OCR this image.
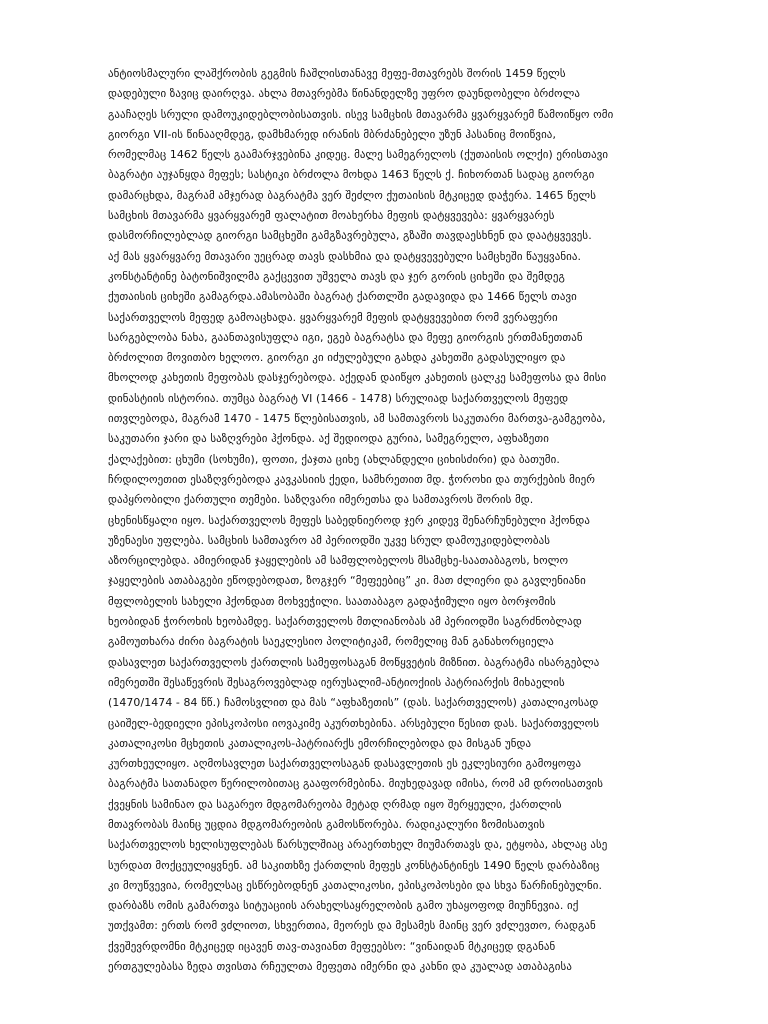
ანტიოსმალური ლაშქრობის გეგმის ჩაშლისთანავე მეფე-მთავრებს შორის 1459 წელს
დადებული ზავიც დაირღვა. ახლა მთავრებმა წინანდელზე უფრო დაუნდობელი ბრძოლა
გააჩაღეს სრული დამოუკიდებლობისათვის. ისევ სამცხის მთავარმა ყვარყვარემ წამოიწყო ომი
გიორგი VII-ის წინააღმდეგ, დამხმარედ ირანის მბრძანებელი უზუნ ჰასანიც მოიწვია,
რომელმაც 1462 წელს გაამარჯვებინა კიდეც. მალე სამეგრელოს (ქუთაისის ოლქი) ერისთავი
ბაგრატი აუჯანყდა მეფეს; სასტიკი ბრძოლა მოხდა 1463 წელს ქ. ჩიხორთან სადაც გიორგი
დამარცხდა, მაგრამ ამჯერად ბაგრატმა ვერ შეძლო ქუთაისის მტკიცედ დაჭერა. 1465 წელს
სამცხის მთავარმა ყვარყვარემ ფალატით მოახერხა მეფის დატყვევება: ყვარყვარეს
დასმორჩილებლად გიორგი სამცხეში გამგზავრებულა, გზაში თავდაესხნენ და დაატყვევეს.
აქ მას ყვარყვარე მთავარი უეცრად თავს დასხმია და დატყვევებული სამცხეში წაუყვანია.
კონსტანტინე ბატონიშვილმა გაქცევით უშველა თავს და ჯერ გორის ციხეში და შემდეგ
ქუთაისის ციხეში გამაგრდა.ამასობაში ბაგრატ ქართლში გადავიდა და 1466 წელს თავი
საქართველოს მეფედ გამოაცხადა. ყვარყვარემ მეფის დატყვევებით რომ ვერაფერი
სარგებლობა ნახა, გაანთავისუფლა იგი, ეგებ ბაგრატსა და მეფე გიორგის ერთმანეთთან
ბრძოლით მოვითბო ხელოო. გიორგი კი იძულებული გახდა კახეთში გადასულიყო და
მხოლოდ კახეთის მეფობას დასჯერებოდა. აქედან დაიწყო კახეთის ცალკე სამეფოსა და მისი
დინასტიის ისტორია. თუმცა ბაგრატ VI (1466 - 1478) სრულიად საქართველოს მეფედ
ითვლებოდა, მაგრამ 1470 - 1475 წლებისათვის, ამ სამთავროს საკუთარი მართვა-გამგეობა,
საკუთარი ჯარი და საზღვრები ჰქონდა. აქ შედიოდა გურია, სამეგრელო, აფხაზეთი
ქალაქებით: ცხუმი (სოხუმი), ფოთი, ქაჯთა ციხე (ახლანდელი ციხისძირი) და ბათუმი.
ჩრდილოეთით ესაზღვრებოდა კავკასიის ქედი, სამხრეთით მდ. ჭოროხი და თურქების მიერ
დაპყრობილი ქართული თემები. საზღვარი იმერეთსა და სამთავროს შორის მდ.
ცხენისწყალი იყო. საქართველოს მეფეს საბედნიეროდ ჯერ კიდევ შენარჩუნებული ჰქონდა
უზენაესი უფლება. სამცხის სამთავრო ამ პერიოდში უკვე სრულ დამოუკიდებლობას
აზორცილებდა. ამიერიდან ჯაყელების ამ სამფლობელოს მსამცხე-საათაბაგოს, ხოლო
ჯაყელების ათაბაგები ეწოდებოდათ, ზოგჯერ “მეფეებიც” კი. მათ ძლიერი და გავლენიანი
მფლობელის სახელი ჰქონდათ მოხვეჭილი. საათაბაგო გადაჭიმული იყო ბორჯომის
ხეობიდან ჭოროხის ხეობამდე. საქართველოს მთლიანობას ამ პერიოდში საგრძნობლად
გამოუთხარა ძირი ბაგრატის საეკლესიო პოლიტიკამ, რომელიც მან განახორციელა
დასავლეთ საქართველოს ქართლის სამეფოსაგან მოწყვეტის მიზნით. ბაგრატმა ისარგებლა
იმერეთში შესაწევრის შესაგროვებლად იერუსალიმ-ანტიოქიის პატრიარქის მიხაელის
(1470/1474 - 84 წწ.) ჩამოსვლით და მას “აფხაზეთის” (დას. საქართველოს) კათალიკოსად
ცაიშელ-ბედიელი ეპისკოპოსი იოვაკიმე აკურთხებინა. არსებული წესით დას. საქართველოს
კათალიკოსი მცხეთის კათალიკოს-პატრიარქს ემორჩილებოდა და მისგან უნდა
კურთხეულიყო. აღმოსავლეთ საქართველოსაგან დასავლეთის ეს ეკლესიური გამოყოფა
ბაგრატმა სათანადო წერილობითაც გააფორმებინა. მიუხედავად იმისა, რომ ამ დროისათვის
ქვეყნის სამინაო და საგარეო მდგომარეობა მეტად ღრმად იყო შერყეული, ქართლის
მთავრობას მაინც უცდია მდგომარეობის გამოსწორება. რადიკალური ზომისათვის
საქართველოს ხელისუფლებას წარსულშიაც არაერთხელ მიუმართავს და, ეტყობა, ახლაც ასე
სურდათ მოქცეულიყვნენ. ამ საკითხზე ქართლის მეფეს კონსტანტინეს 1490 წელს დარბაზიც
კი მოუწვევია, რომელსაც ესწრებოდნენ კათალიკოსი, ეპისკოპოსები და სხვა წარჩინებულნი.
დარბაზს ომის გამართვა სიტუაციის არახელსაყრელობის გამო უხაყოფოდ მიუჩნევია. იქ
უთქვამთ: ერთს რომ ვძლიოთ, სხვერთია, მეორეს და მესამეს მაინც ვერ ვძლევთო, რადგან
ქვეშევრდომნი მტკიცედ იცავენ თავ-თავიანთ მეფეებსო: “ვინაიდან მტკიცედ დგანან
ერთგულებასა ზედა თვისთა რჩეულთა მეფეთა იმერნი და კახნი და კუალად ათაბაგისა
